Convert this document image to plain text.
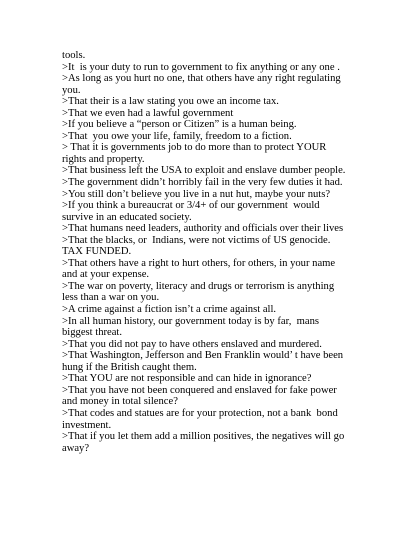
tools.
>It  is your duty to run to government to fix anything or any one .
>As long as you hurt no one, that others have any right regulating
you.
>That their is a law stating you owe an income tax.
>That we even had a lawful government
>If you believe a “person or Citizen” is a human being.
>That  you owe your life, family, freedom to a fiction.
> That it is governments job to do more than to protect YOUR
rights and property.
>That business left the USA to exploit and enslave dumber people.
>The government didn’t horribly fail in the very few duties it had.
>You still don’t believe you live in a nut hut, maybe your nuts?
>If you think a bureaucrat or 3/4+ of our government  would
survive in an educated society.
>That humans need leaders, authority and officials over their lives
>That the blacks, or  Indians, were not victims of US genocide.
TAX FUNDED.
>That others have a right to hurt others, for others, in your name
and at your expense.
>The war on poverty, literacy and drugs or terrorism is anything
less than a war on you.
>A crime against a fiction isn’t a crime against all.
>In all human history, our government today is by far,  mans
biggest threat.
>That you did not pay to have others enslaved and murdered.
>That Washington, Jefferson and Ben Franklin would’ t have been
hung if the British caught them.
>That YOU are not responsible and can hide in ignorance?
>That you have not been conquered and enslaved for fake power
and money in total silence?
>That codes and statues are for your protection, not a bank  bond
investment.
>That if you let them add a million positives, the negatives will go
away?
